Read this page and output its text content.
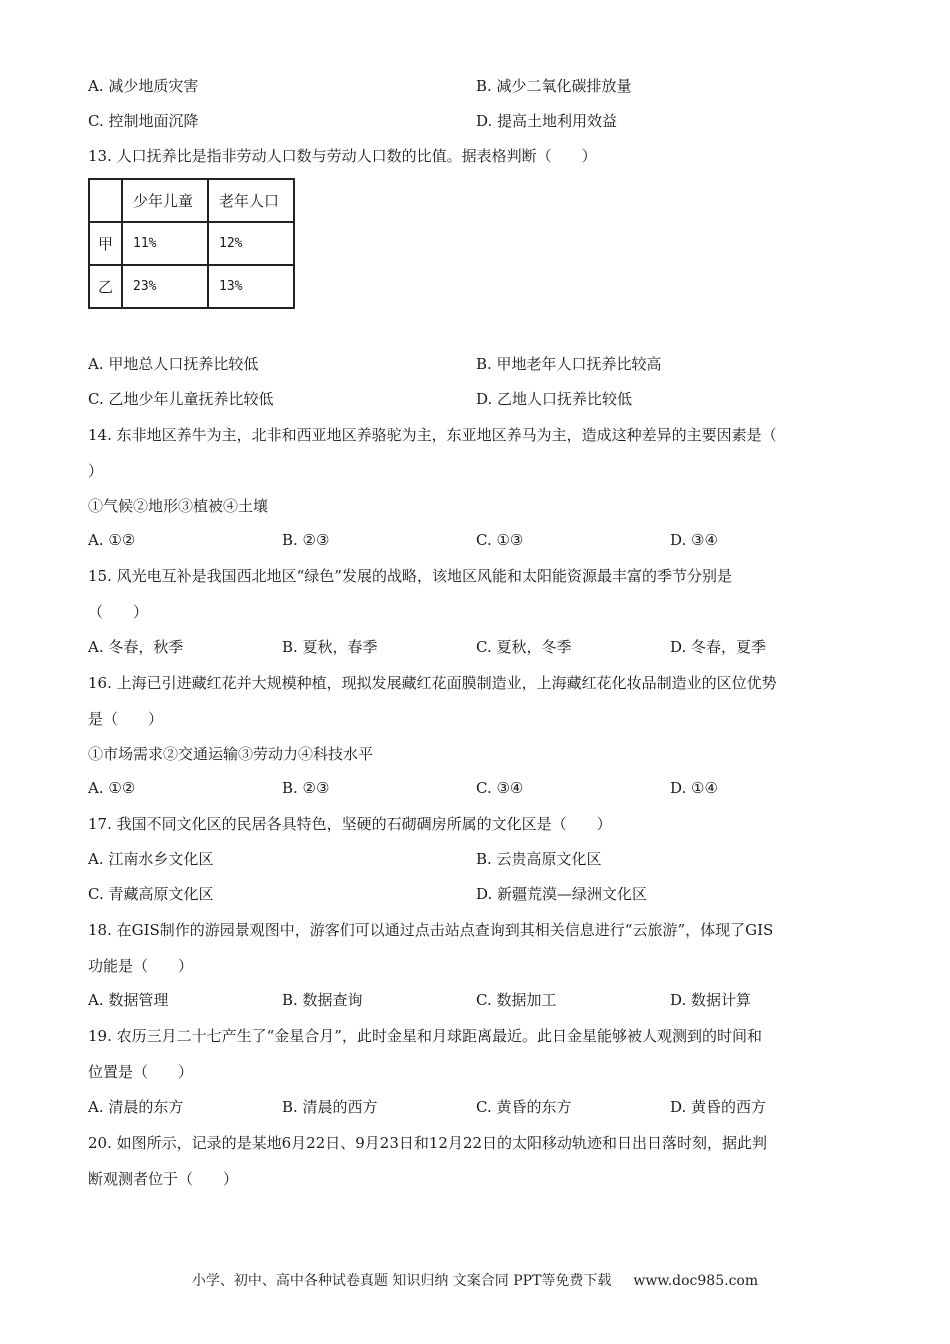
A. 减少地质灾害	B. 减少二氧化碳排放量
C. 控制地面沉降	D. 提高土地利用效益
13. 人口抚养比是指非劳动人口数与劳动人口数的比值。据表格判断（　　）
	少年儿童	老年人口
甲	11%	12%
乙	23%	13%
A. 甲地总人口抚养比较低	B. 甲地老年人口抚养比较高
C. 乙地少年儿童抚养比较低	D. 乙地人口抚养比较低
14. 东非地区养牛为主，北非和西亚地区养骆驼为主，东亚地区养马为主，造成这种差异的主要因素是（
）
①气候②地形③植被④土壤
A. ①②	B. ②③	C. ①③	D. ③④
15. 风光电互补是我国西北地区“绿色”发展的战略，该地区风能和太阳能资源最丰富的季节分别是
（　　）
A. 冬春，秋季	B. 夏秋，春季	C. 夏秋，冬季	D. 冬春，夏季
16. 上海已引进藏红花并大规模种植，现拟发展藏红花面膜制造业，上海藏红花化妆品制造业的区位优势
是（　　）
①市场需求②交通运输③劳动力④科技水平
A. ①②	B. ②③	C. ③④	D. ①④
17. 我国不同文化区的民居各具特色，坚硬的石砌碉房所属的文化区是（　　）
A. 江南水乡文化区	B. 云贵高原文化区
C. 青藏高原文化区	D. 新疆荒漠—绿洲文化区
18. 在GIS制作的游园景观图中，游客们可以通过点击站点查询到其相关信息进行“云旅游”，体现了GIS
功能是（　　）
A. 数据管理	B. 数据查询	C. 数据加工	D. 数据计算
19. 农历三月二十七产生了“金星合月”，此时金星和月球距离最近。此日金星能够被人观测到的时间和
位置是（　　）
A. 清晨的东方	B. 清晨的西方	C. 黄昏的东方	D. 黄昏的西方
20. 如图所示，记录的是某地6月22日、9月23日和12月22日的太阳移动轨迹和日出日落时刻，据此判
断观测者位于（　　）
小学、初中、高中各种试卷真题 知识归纳 文案合同 PPT等免费下载 www.doc985.com
